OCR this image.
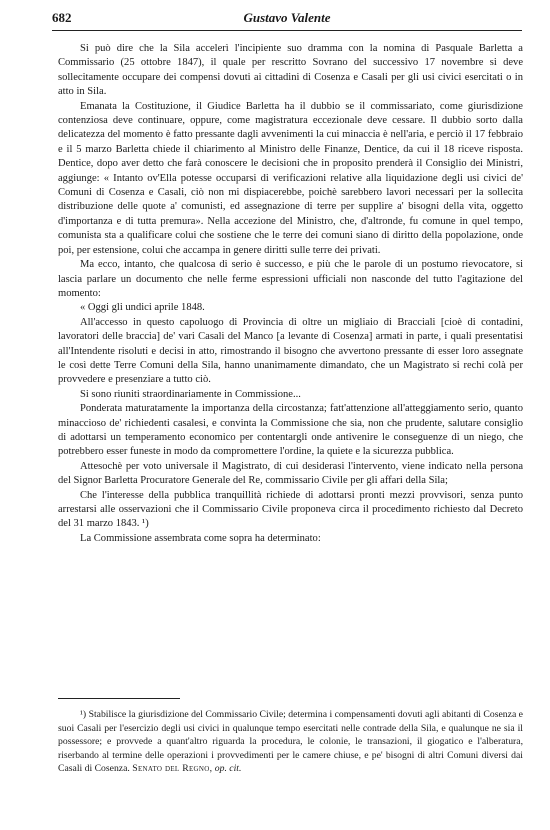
682	Gustavo Valente

Si può dire che la Sila accelerì l'incipiente suo dramma con la nomina di Pasquale Barletta a Commissario (25 ottobre 1847), il quale per rescritto Sovrano del successivo 17 novembre si deve sollecitamente occupare dei compensi dovuti ai cittadini di Cosenza e Casali per gli usi civici esercitati o in atto in Sila.

Emanata la Costituzione, il Giudice Barletta ha il dubbio se il commissariato, come giurisdizione contenziosa deve continuare, oppure, come magistratura eccezionale deve cessare. Il dubbio sorto dalla delicatezza del momento è fatto pressante dagli avvenimenti la cui minaccia è nell'aria, e perciò il 17 febbraio e il 5 marzo Barletta chiede il chiarimento al Ministro delle Finanze, Dentice, da cui il 18 riceve risposta. Dentice, dopo aver detto che farà conoscere le decisioni che in proposito prenderà il Consiglio dei Ministri, aggiunge: « Intanto ov'Ella potesse occuparsi di verificazioni relative alla liquidazione degli usi civici de' Comuni di Cosenza e Casali, ciò non mi dispiacerebbe, poichè sarebbero lavori necessari per la sollecita distribuzione delle quote a' comunisti, ed assegnazione di terre per supplire a' bisogni della vita, oggetto d'importanza e di tutta premura». Nella accezione del Ministro, che, d'altronde, fu comune in quel tempo, comunista sta a qualificare colui che sostiene che le terre dei comuni siano di diritto della popolazione, onde poi, per estensione, colui che accampa in genere diritti sulle terre dei privati.

Ma ecco, intanto, che qualcosa di serio è successo, e più che le parole di un postumo rievocatore, si lascia parlare un documento che nelle ferme espressioni ufficiali non nasconde del tutto l'agitazione del momento:

« Oggi gli undici aprile 1848.

All'accesso in questo capoluogo di Provincia di oltre un migliaio di Bracciali [cioè di contadini, lavoratori delle braccia] de' vari Casali del Manco [a levante di Cosenza] armati in parte, i quali presentatisi all'Intendente risoluti e decisi in atto, rimostrando il bisogno che avvertono pressante di esser loro assegnate le così dette Terre Comuni della Sila, hanno unanimamente dimandato, che un Magistrato si rechi colà per provvedere e presenziare a tutto ciò.

Si sono riuniti straordinariamente in Commissione...

Ponderata maturatamente la importanza della circostanza; fatt'attenzione all'atteggiamento serio, quanto minaccioso de' richiedenti casalesi, e convinta la Commissione che sia, non che prudente, salutare consiglio di adottarsi un temperamento economico per contentargli onde antivenire le conseguenze di un niego, che potrebbero esser funeste in modo da compromettere l'ordine, la quiete e la sicurezza pubblica.

Attesochè per voto universale il Magistrato, di cui desiderasi l'intervento, viene indicato nella persona del Signor Barletta Procuratore Generale del Re, commissario Civile per gli affari della Sila;

Che l'interesse della pubblica tranquillità richiede di adottarsi pronti mezzi provvisori, senza punto arrestarsi alle osservazioni che il Commissario Civile proponeva circa il procedimento richiesto dal Decreto del 31 marzo 1843. ¹)

La Commissione assembrata come sopra ha determinato:

¹) Stabilisce la giurisdizione del Commissario Civile; determina i compensamenti dovuti agli abitanti di Cosenza e suoi Casali per l'esercizio degli usi civici in qualunque tempo esercitati nelle contrade della Sila, e qualunque ne sia il possessore; e provvede a quant'altro riguarda la procedura, le colonie, le transazioni, il giogatico e l'alberatura, riserbando al termine delle operazioni i provvedimenti per le camere chiuse, e pe' bisogni di altri Comuni diversi dai Casali di Cosenza. Senato del Regno, op. cit.
